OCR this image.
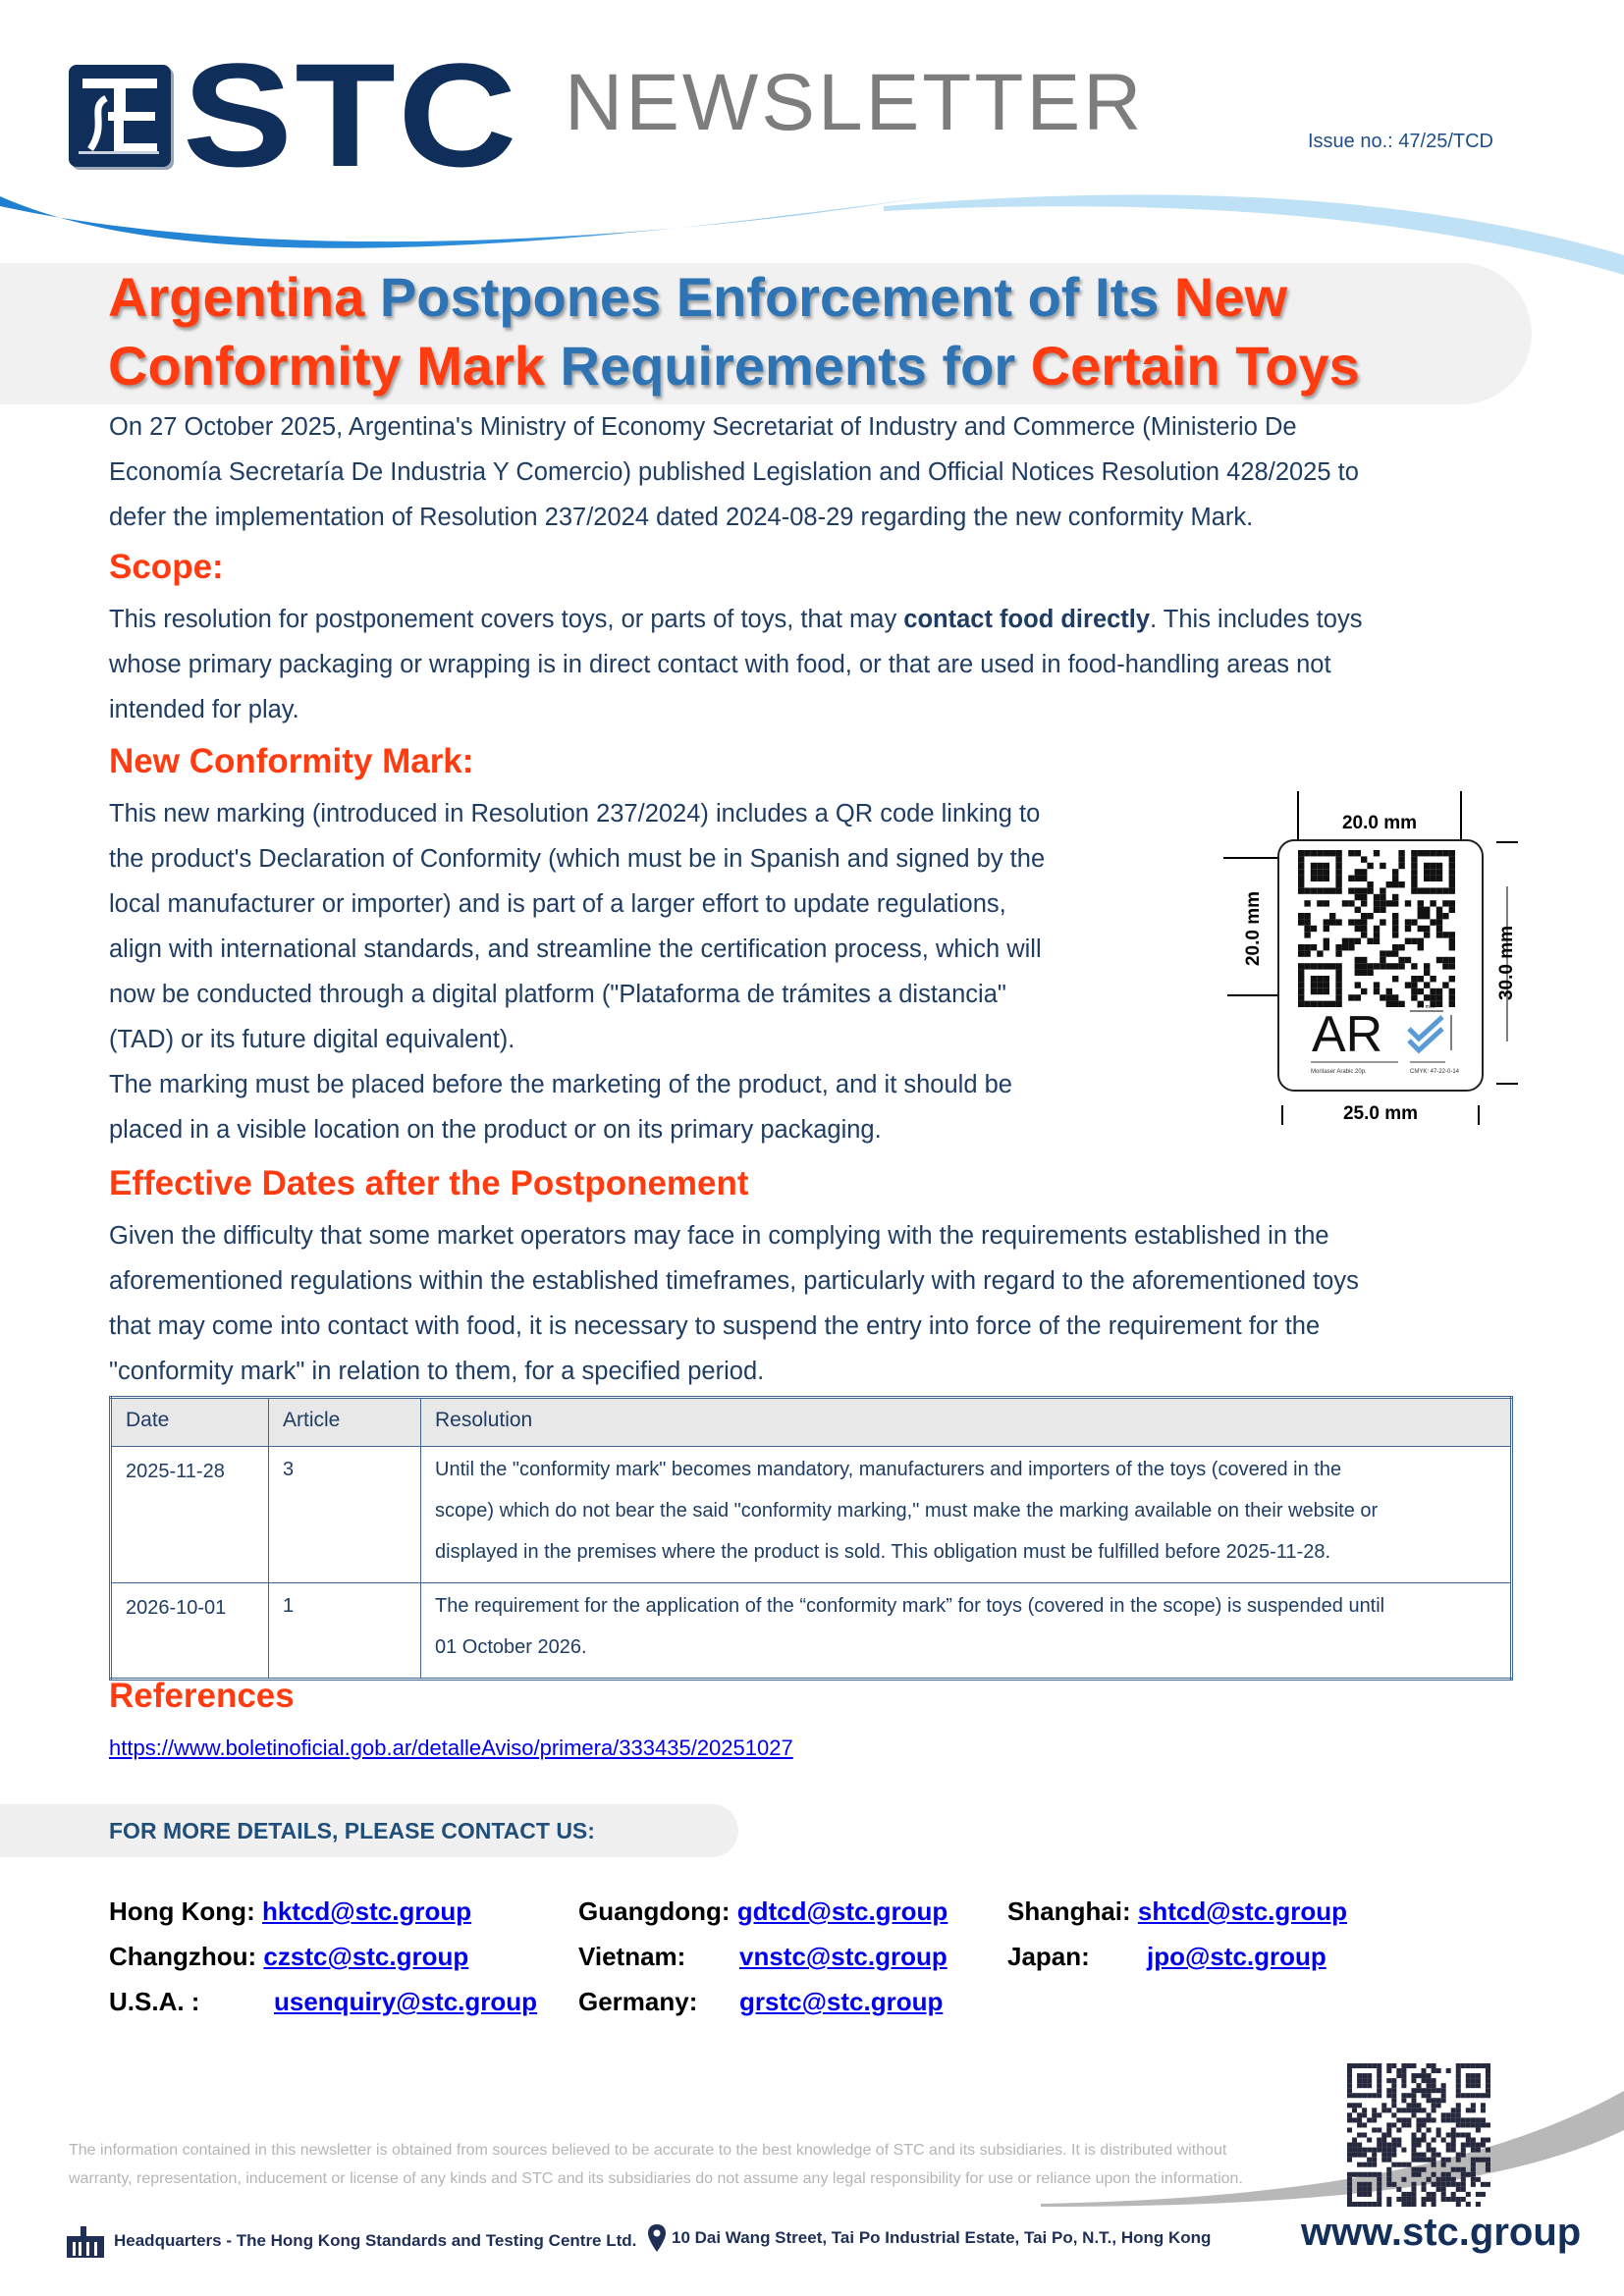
STC NEWSLETTER	Issue no.: 47/25/TCD
Argentina Postpones Enforcement of Its New
Conformity Mark Requirements for Certain Toys

On 27 October 2025, Argentina's Ministry of Economy Secretariat of Industry and Commerce (Ministerio De

Economía Secretaría De Industria Y Comercio) published Legislation and Official Notices Resolution 428/2025 to

defer the implementation of Resolution 237/2024 dated 2024-08-29 regarding the new conformity Mark.

Scope:

This resolution for postponement covers toys, or parts of toys, that may contact food directly. This includes toys

whose primary packaging or wrapping is in direct contact with food, or that are used in food-handling areas not

intended for play.

New Conformity Mark:

This new marking (introduced in Resolution 237/2024) includes a QR code linking to

the product's Declaration of Conformity (which must be in Spanish and signed by the

local manufacturer or importer) and is part of a larger effort to update regulations,

align with international standards, and streamline the certification process, which will

now be conducted through a digital platform ("Plataforma de trámites a distancia"

(TAD) or its future digital equivalent).

The marking must be placed before the marketing of the product, and it should be

placed in a visible location on the product or on its primary packaging.

20.0 mm
20.0 mm	30.0 mm
25.0 mm
AR	5.0 m.m.
Montaser Arabic 20p.	CMYK: 47-22-0-14
Effective Dates after the Postponement

Given the difficulty that some market operators may face in complying with the requirements established in the

aforementioned regulations within the established timeframes, particularly with regard to the aforementioned toys

that may come into contact with food, it is necessary to suspend the entry into force of the requirement for the

"conformity mark" in relation to them, for a specified period.

Date	Article	Resolution
2025-11-28	3	Until the "conformity mark" becomes mandatory, manufacturers and importers of the toys (covered in the
scope) which do not bear the said "conformity marking," must make the marking available on their website or
displayed in the premises where the product is sold. This obligation must be fulfilled before 2025-11-28.

2026-10-01	1	The requirement for the application of the “conformity mark” for toys (covered in the scope) is suspended until
01 October 2026.
References
https://www.boletinoficial.gob.ar/detalleAviso/primera/333435/20251027
FOR MORE DETAILS, PLEASE CONTACT US:
Hong Kong: hktcd@stc.group	Guangdong: gdtcd@stc.group Shanghai: shtcd@stc.group
Changzhou: czstc@stc.group	Vietnam: vnstc@stc.group Japan: jpo@stc.group
U.S.A. :	usenquiry@stc.group Germany: grstc@stc.group
The information contained in this newsletter is obtained from sources believed to be accurate to the best knowledge of STC and its subsidiaries. It is distributed without
warranty, representation, inducement or license of any kinds and STC and its subsidiaries do not assume any legal responsibility for use or reliance upon the information.
Headquarters - The Hong Kong Standards and Testing Centre Ltd. 10 Dai Wang Street, Tai Po Industrial Estate, Tai Po, N.T., Hong Kong www.stc.group
